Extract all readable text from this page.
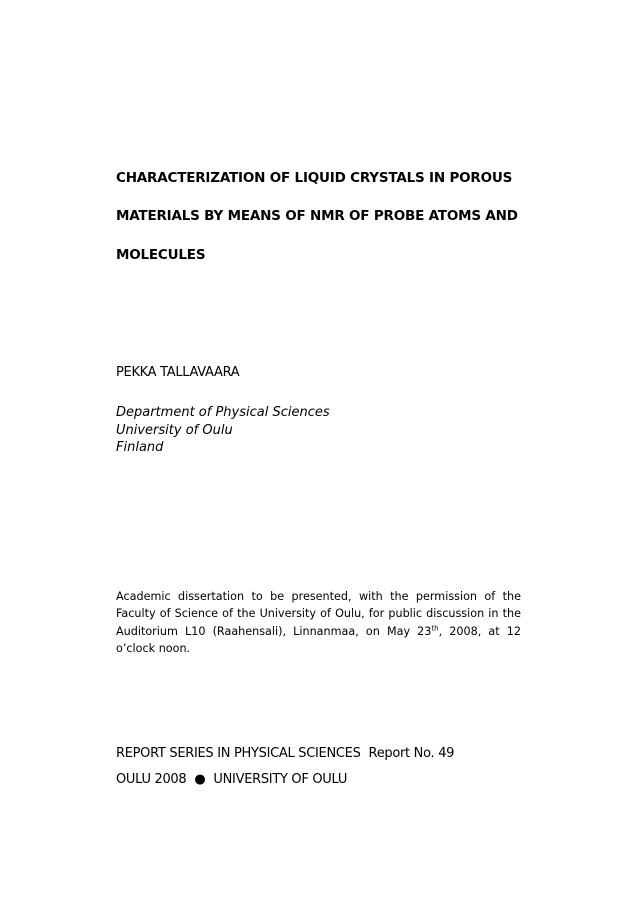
CHARACTERIZATION OF LIQUID CRYSTALS IN POROUS
MATERIALS BY MEANS OF NMR OF PROBE ATOMS AND
MOLECULES
PEKKA TALLAVAARA
Department of Physical Sciences
University of Oulu
Finland
Academic dissertation to be presented, with the permission of the Faculty of Science of the University of Oulu, for public discussion in the Auditorium L10 (Raahensali), Linnanmaa, on May 23th, 2008, at 12 o’clock noon.
REPORT SERIES IN PHYSICAL SCIENCES Report No. 49
OULU 2008 ● UNIVERSITY OF OULU
